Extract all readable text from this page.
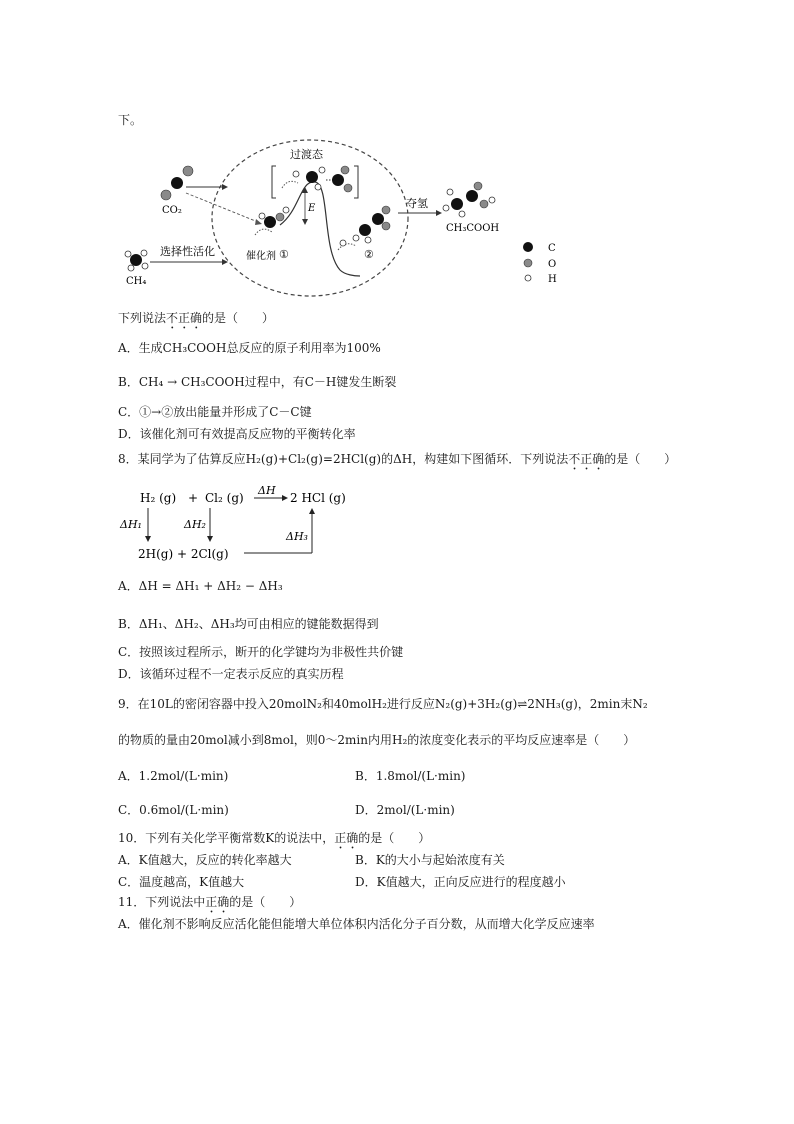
下。
CO₂
CH₄
选择性活化	催化剂 ①
E
过渡态
②
夺氢
CH₃COOH
C
O
H
下列说法不正确的是（　　）
A．生成CH₃COOH总反应的原子利用率为100%
B．CH₄ → CH₃COOH过程中，有C－H键发生断裂
C．①→②放出能量并形成了C－C键
D．该催化剂可有效提高反应物的平衡转化率
8．某同学为了估算反应H₂(g)+Cl₂(g)=2HCl(g)的ΔH，构建如下图循环．下列说法不正确的是（　　）
H₂ (g) + Cl₂ (g)
ΔH
2 HCl (g)
ΔH₁	ΔH₂
2H(g) + 2Cl(g)
ΔH₃
A．ΔH = ΔH₁ + ΔH₂ − ΔH₃
B．ΔH₁、ΔH₂、ΔH₃均可由相应的键能数据得到
C．按照该过程所示，断开的化学键均为非极性共价键
D．该循环过程不一定表示反应的真实历程
9．在10L的密闭容器中投入20molN₂和40molH₂进行反应N₂(g)+3H₂(g)⇌2NH₃(g)，2min末N₂
的物质的量由20mol减小到8mol，则0～2min内用H₂的浓度变化表示的平均反应速率是（　　）
A．1.2mol/(L·min)	B．1.8mol/(L·min)
C．0.6mol/(L·min)	D．2mol/(L·min)
10．下列有关化学平衡常数K的说法中，正确的是（　　）
A．K值越大，反应的转化率越大	B．K的大小与起始浓度有关
C．温度越高，K值越大	D．K值越大，正向反应进行的程度越小
11．下列说法中正确的是（　　）
A．催化剂不影响反应活化能但能增大单位体积内活化分子百分数，从而增大化学反应速率
